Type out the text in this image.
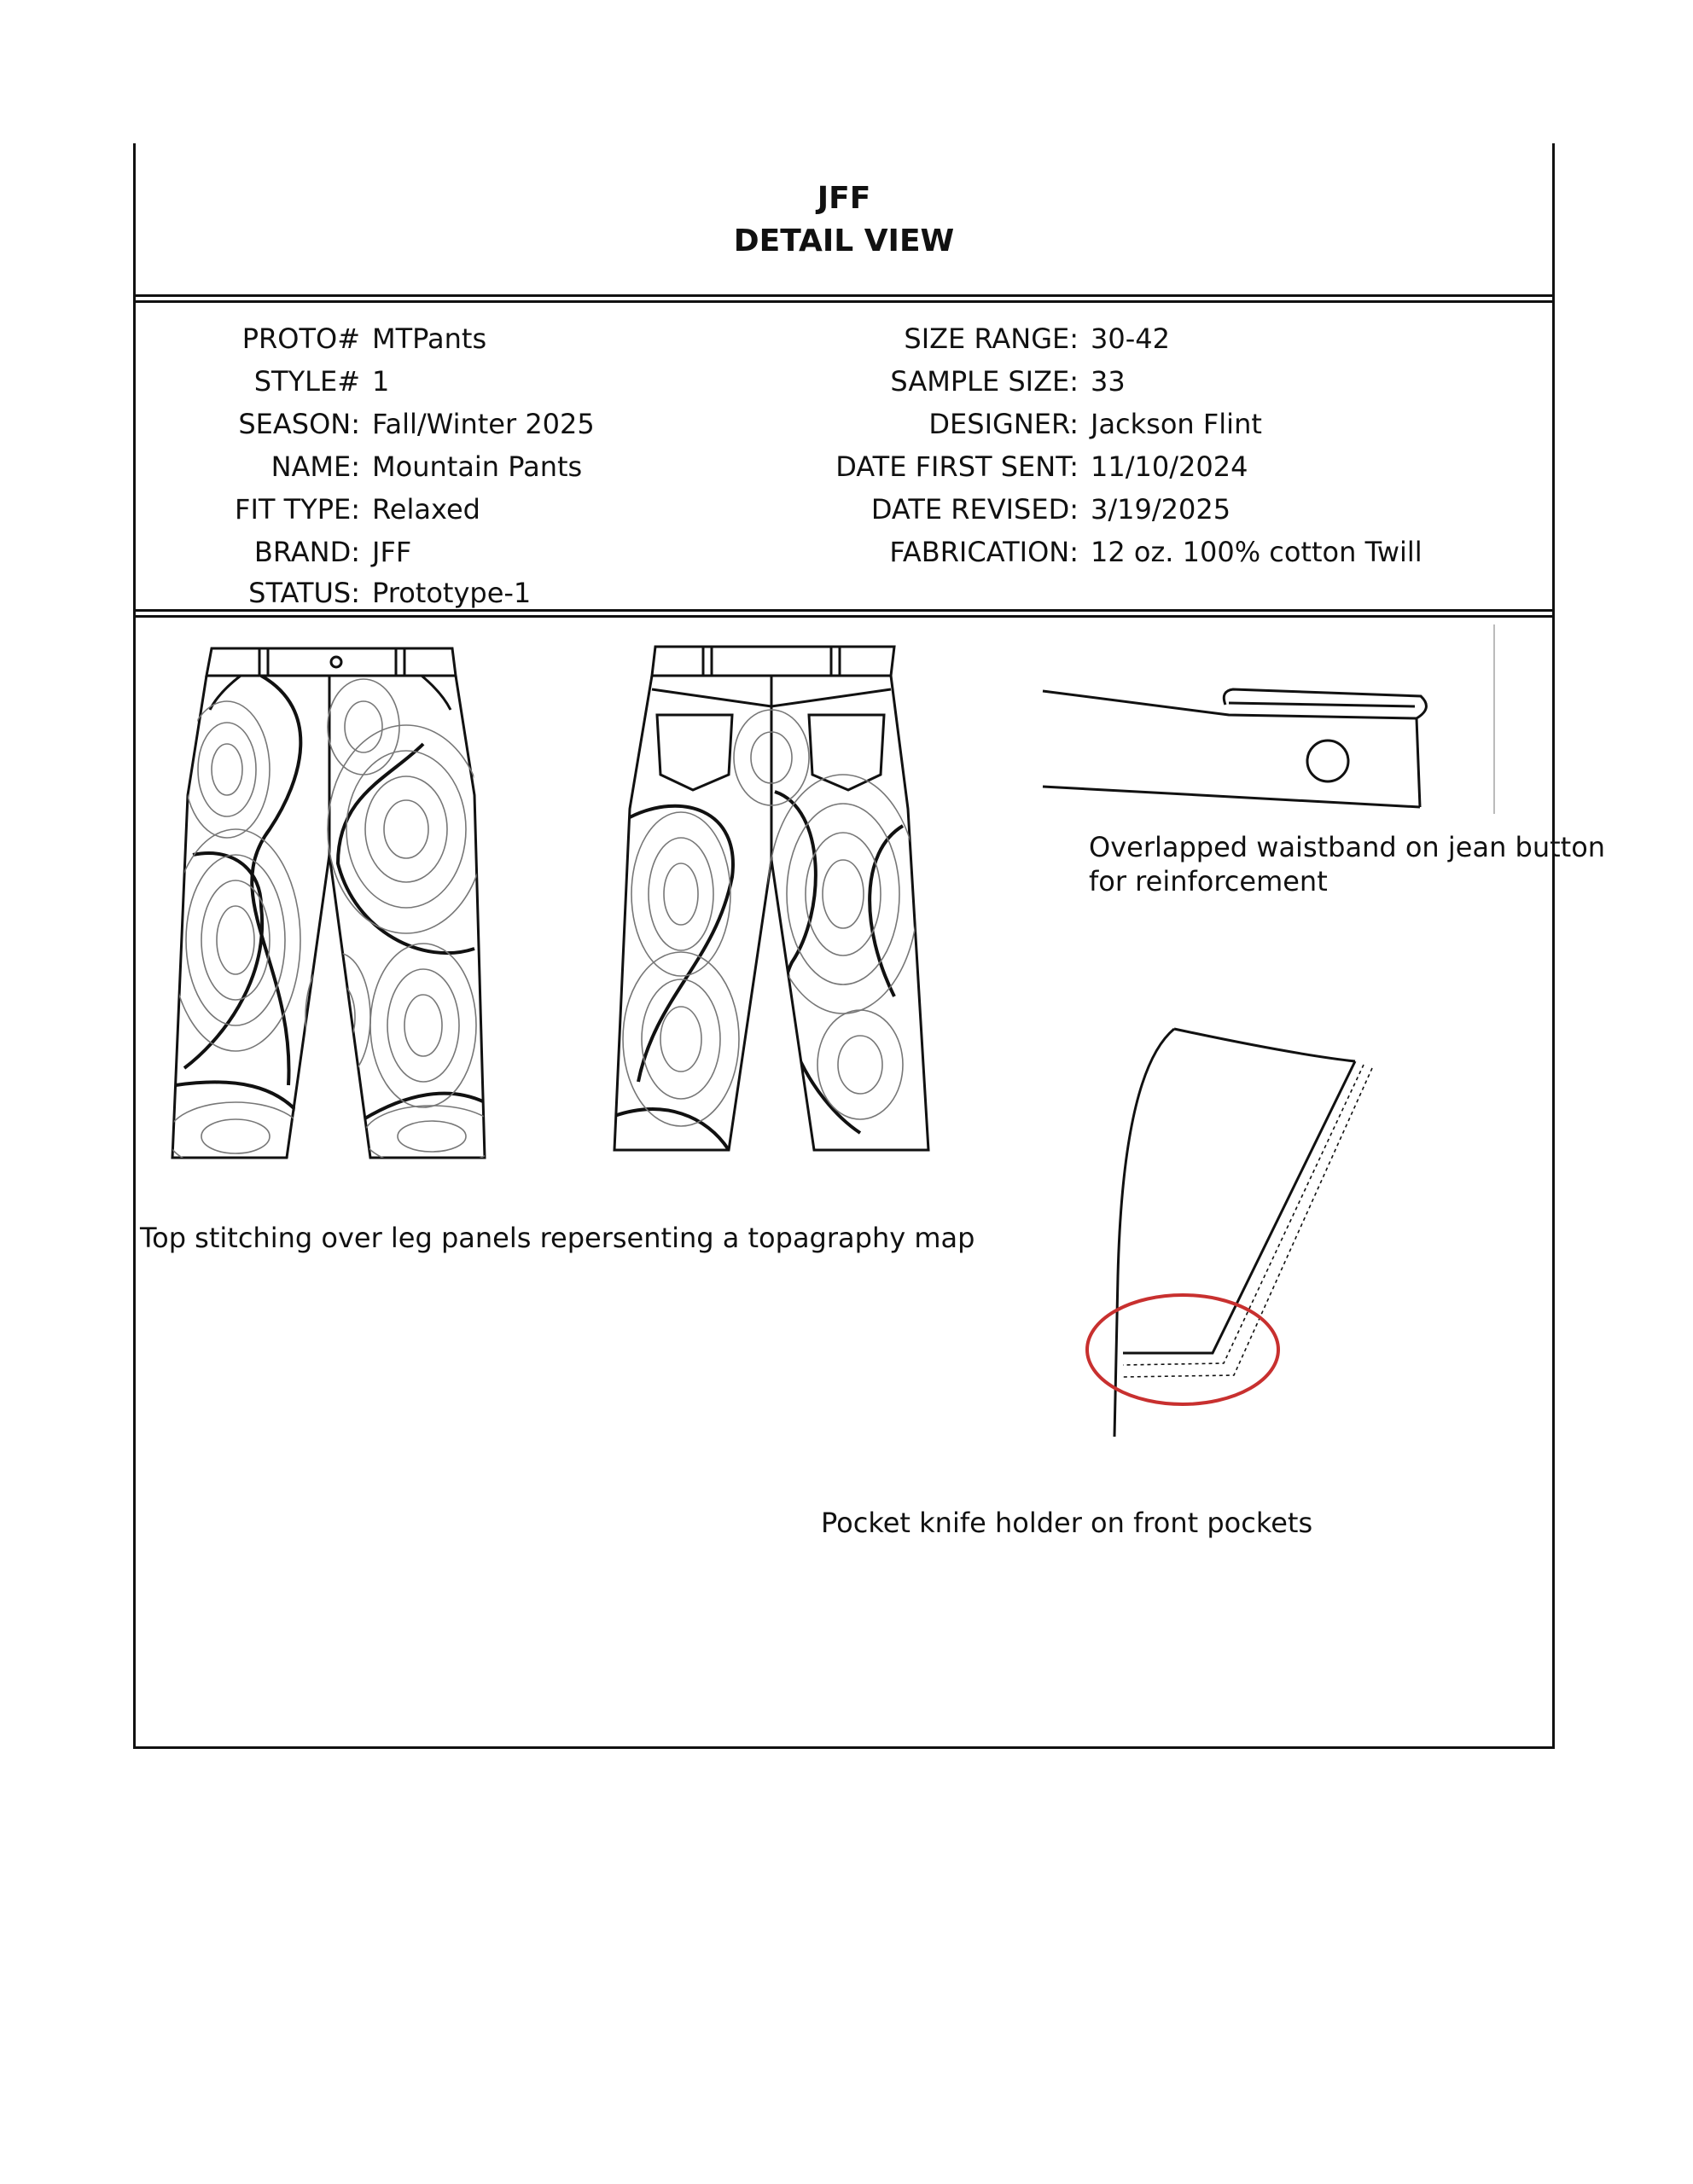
JFF
DETAIL VIEW
PROTO# MTPants
STYLE# 1
SEASON: Fall/Winter 2025
NAME: Mountain Pants
FIT TYPE: Relaxed
BRAND: JFF
STATUS: Prototype-1
SIZE RANGE: 30-42
SAMPLE SIZE: 33
DESIGNER: Jackson Flint
DATE FIRST SENT: 11/10/2024
DATE REVISED: 3/19/2025
FABRICATION: 12 oz. 100% cotton Twill
Overlapped waistband on jean button
for reinforcement
Top stitching over leg panels repersenting a topagraphy map
Pocket knife holder on front pockets
